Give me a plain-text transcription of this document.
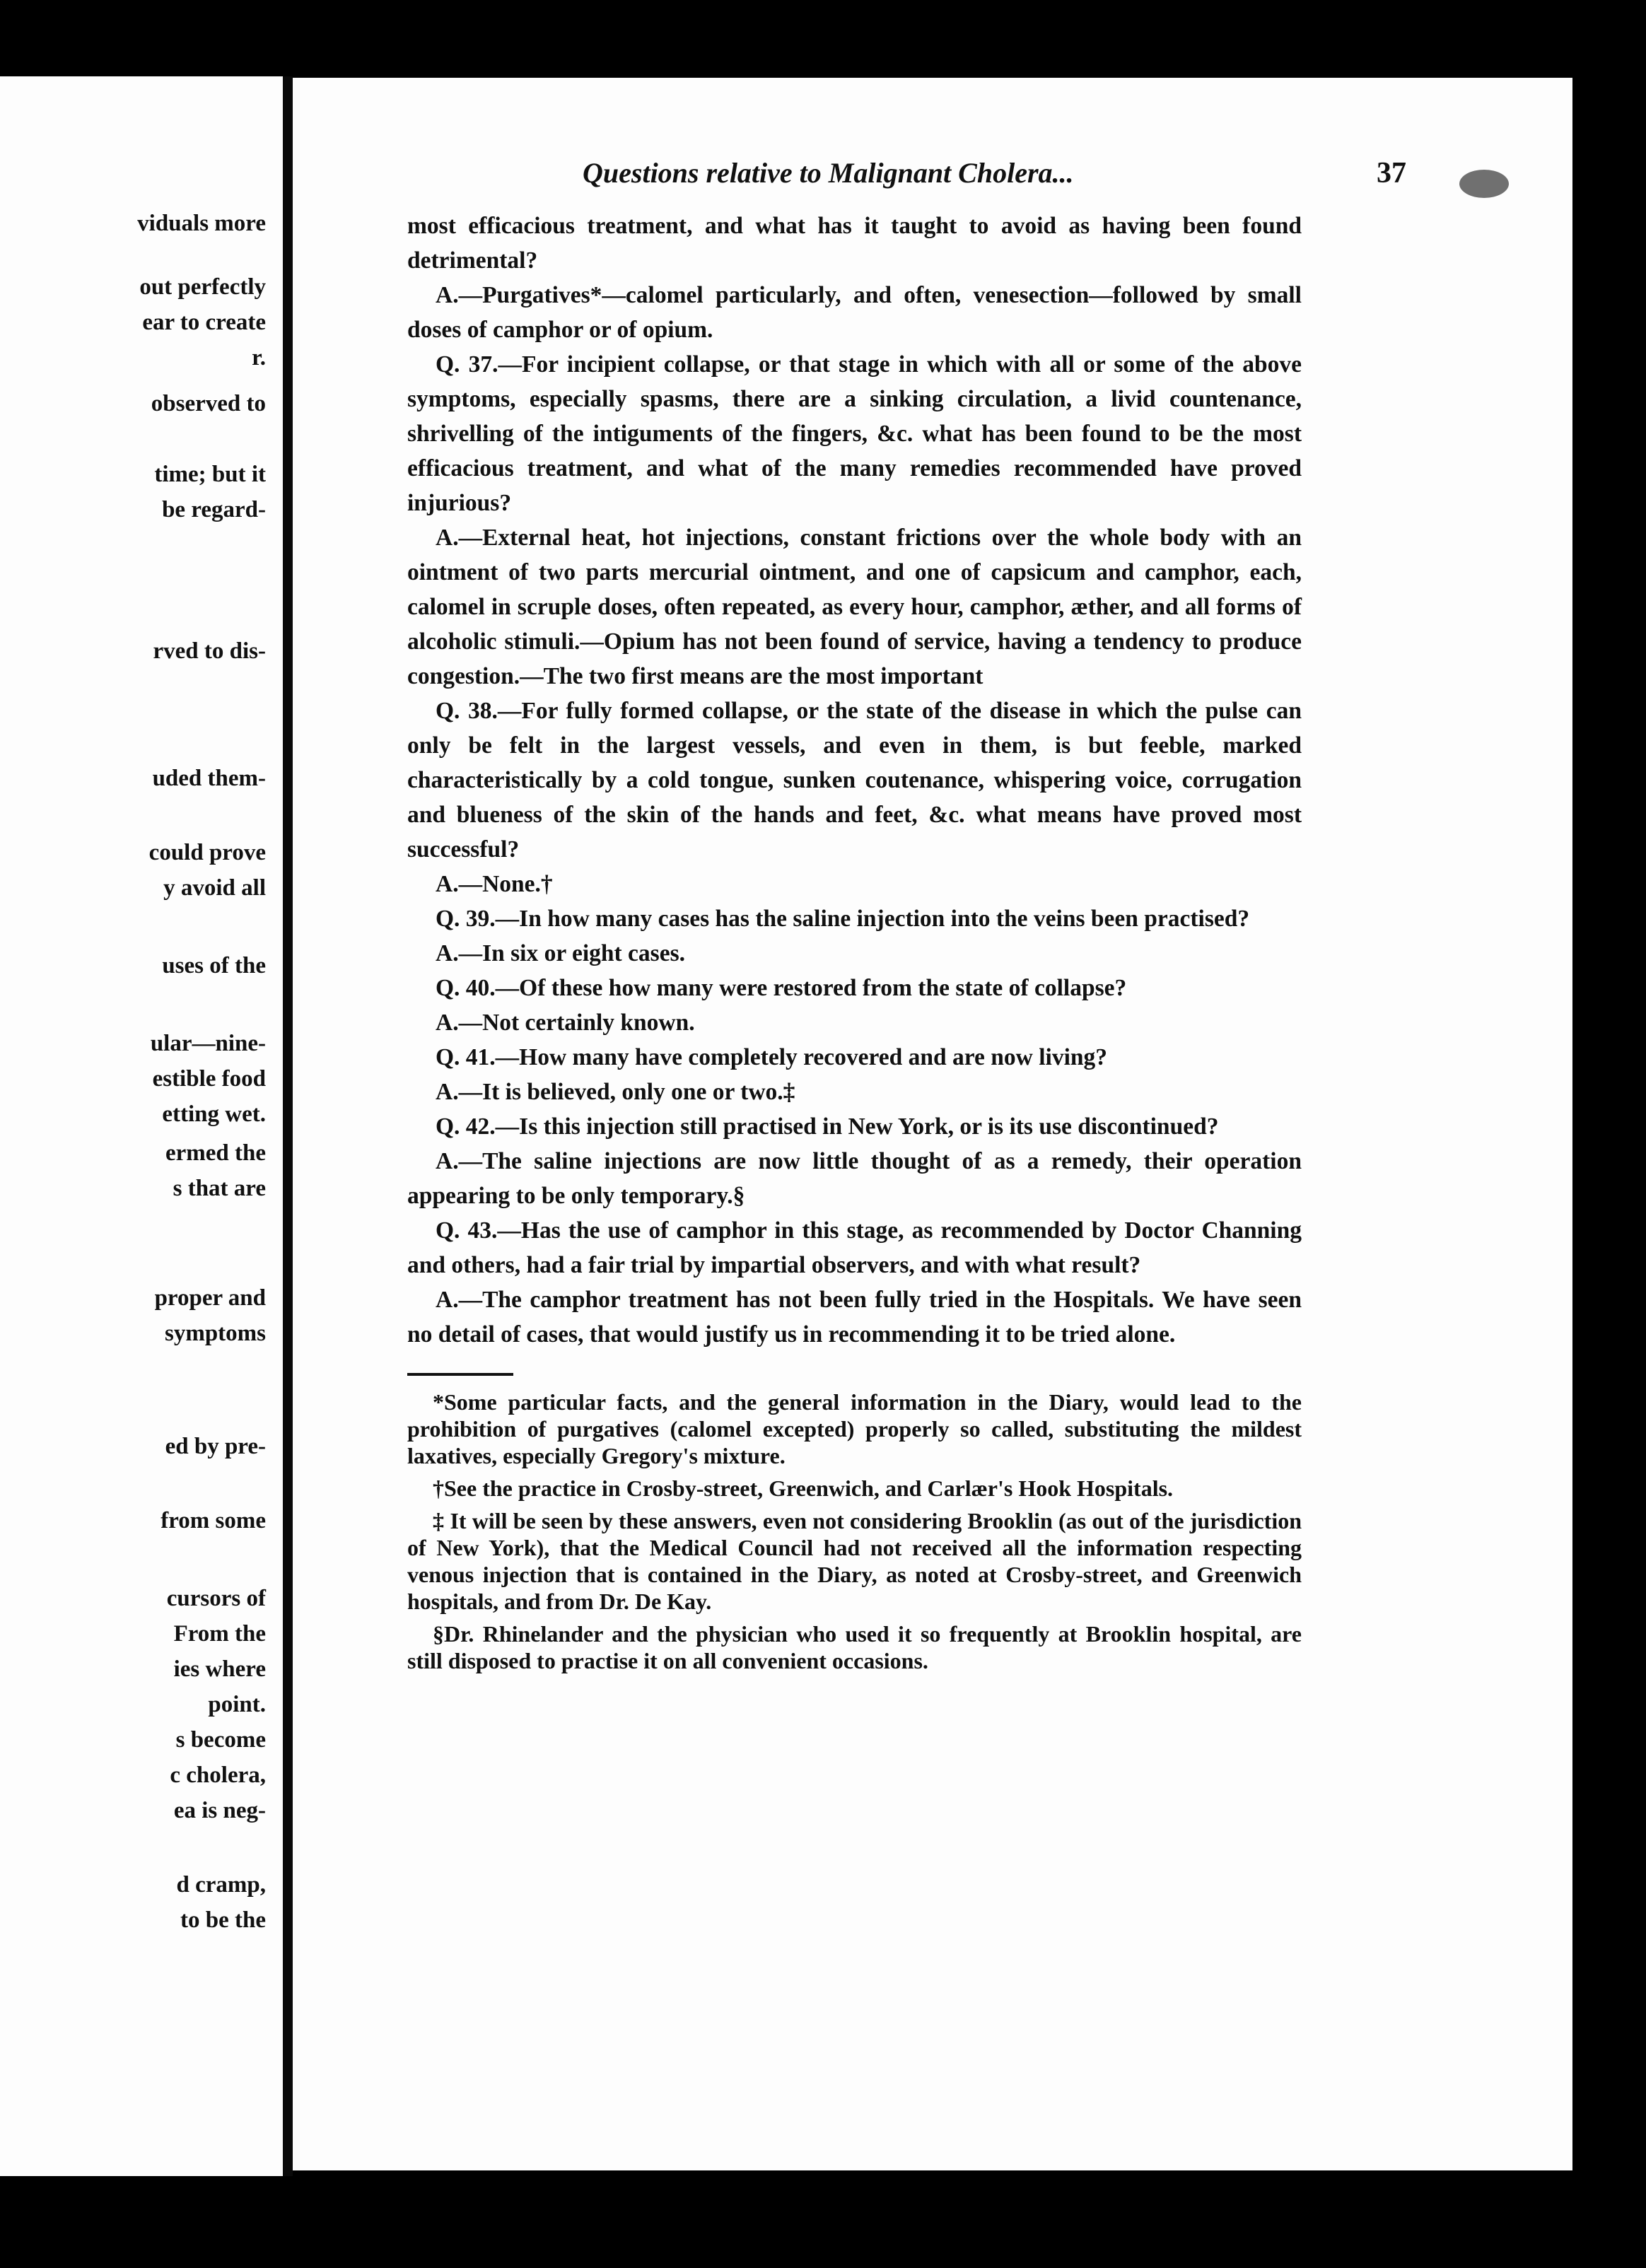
viduals more
out perfectly
ear to create
r.
observed to
time; but it
be regard-
rved to dis-
uded them-
could prove
y avoid all
uses of the
ular—nine-
estible food
etting wet.
ermed the
s that are
proper and
symptoms
ed by pre-
from some
cursors of
From the
ies where
point.
s become
c cholera,
ea is neg-
d cramp,
to be the
Questions relative to Malignant Cholera...	37

most efficacious treatment, and what has it taught to avoid as having been found detrimental?

A.—Purgatives*—calomel particularly, and often, venesection—followed by small doses of camphor or of opium.

Q. 37.—For incipient collapse, or that stage in which with all or some of the above symptoms, especially spasms, there are a sinking circulation, a livid countenance, shrivelling of the intiguments of the fingers, &c. what has been found to be the most efficacious treatment, and what of the many remedies recommended have proved injurious?

A.—External heat, hot injections, constant frictions over the whole body with an ointment of two parts mercurial ointment, and one of capsicum and camphor, each, calomel in scruple doses, often repeated, as every hour, camphor, æther, and all forms of alcoholic stimuli.—Opium has not been found of service, having a tendency to produce congestion.—The two first means are the most important

Q. 38.—For fully formed collapse, or the state of the disease in which the pulse can only be felt in the largest vessels, and even in them, is but feeble, marked characteristically by a cold tongue, sunken coutenance, whispering voice, corrugation and blueness of the skin of the hands and feet, &c. what means have proved most successful?

A.—None.†

Q. 39.—In how many cases has the saline injection into the veins been practised?

A.—In six or eight cases.

Q. 40.—Of these how many were restored from the state of collapse?

A.—Not certainly known.

Q. 41.—How many have completely recovered and are now living?

A.—It is believed, only one or two.‡

Q. 42.—Is this injection still practised in New York, or is its use discontinued?

A.—The saline injections are now little thought of as a remedy, their operation appearing to be only temporary.§

Q. 43.—Has the use of camphor in this stage, as recommended by Doctor Channing and others, had a fair trial by impartial observers, and with what result?

A.—The camphor treatment has not been fully tried in the Hospitals. We have seen no detail of cases, that would justify us in recommending it to be tried alone.

*Some particular facts, and the general information in the Diary, would lead to the prohibition of purgatives (calomel excepted) properly so called, substituting the mildest laxatives, especially Gregory's mixture.

†See the practice in Crosby-street, Greenwich, and Carlær's Hook Hospitals.

‡ It will be seen by these answers, even not considering Brooklin (as out of the jurisdiction of New York), that the Medical Council had not received all the information respecting venous injection that is contained in the Diary, as noted at Crosby-street, and Greenwich hospitals, and from Dr. De Kay.

§Dr. Rhinelander and the physician who used it so frequently at Brooklin hospital, are still disposed to practise it on all convenient occasions.
